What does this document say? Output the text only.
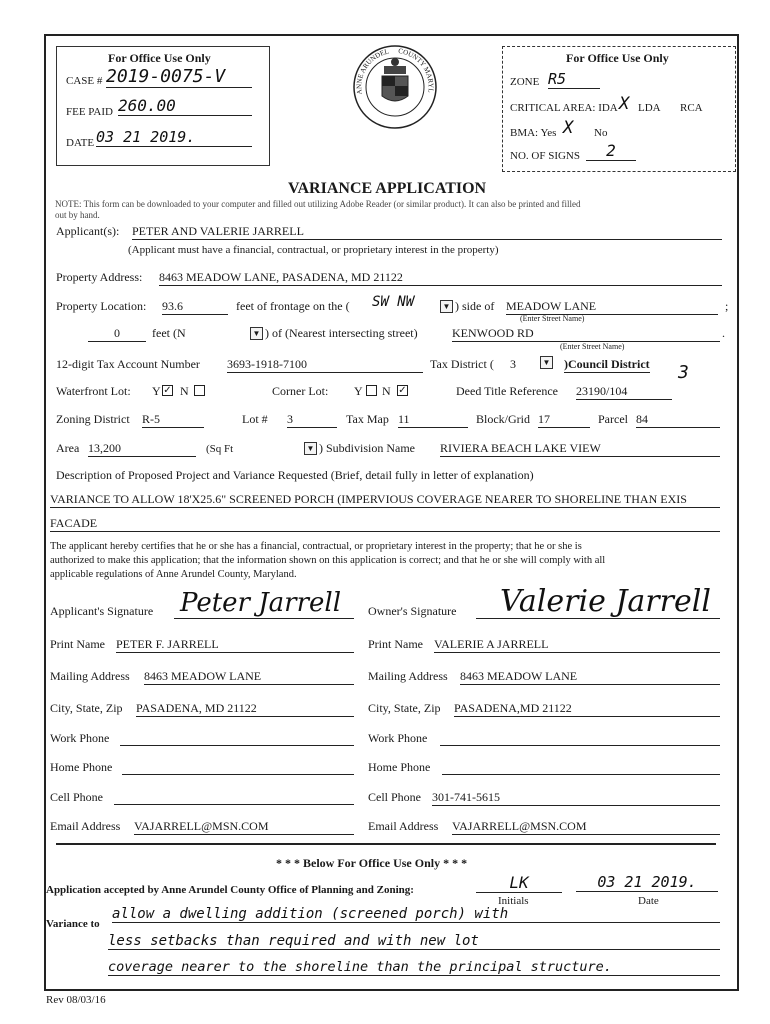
For Office Use Only
CASE # 2019-0075-V
FEE PAID 260.00
DATE 03 21 2019.
ANNE ARUNDEL	COUNTY MARYL
For Office Use Only
ZONE R5
CRITICAL AREA: IDA X LDA RCA
BMA: Yes X No
NO. OF SIGNS	2
VARIANCE APPLICATION
NOTE: This form can be downloaded to your computer and filled out utilizing Adobe Reader (or similar product). It can also be printed and filled
out by hand.
Applicant(s): PETER AND VALERIE JARRELL
(Applicant must have a financial, contractual, or proprietary interest in the property)
Property Address: 8463 MEADOW LANE, PASADENA, MD 21122
Property Location: 93.6	feet of frontage on the ( SW NW	▼ ) side of MEADOW LANE
(Enter Street Name)
;
0	feet (N	▼ ) of (Nearest intersecting street)	KENWOOD RD
(Enter Street Name)
.
12-digit Tax Account Number 3693-1918-7100	Tax District ( 3	▼ )Council District 3
Waterfront Lot: Y ✓ N	Corner Lot: Y N ✓	Deed Title Reference 23190/104
Zoning District R-5	Lot # 3	Tax Map 11	Block/Grid 17	Parcel 84
Area 13,200	(Sq Ft	▼ ) Subdivision Name RIVIERA BEACH LAKE VIEW
Description of Proposed Project and Variance Requested (Brief, detail fully in letter of explanation)
VARIANCE TO ALLOW 18'X25.6" SCREENED PORCH (IMPERVIOUS COVERAGE NEARER TO SHORELINE THAN EXIS
FACADE
The applicant hereby certifies that he or she has a financial, contractual, or proprietary interest in the property; that he or she is
authorized to make this application; that the information shown on this application is correct; and that he or she will comply with all
applicable regulations of Anne Arundel County, Maryland.
Applicant's Signature Peter Jarrell Owner's Signature Valerie Jarrell
Print Name PETER F. JARRELL
Mailing Address 8463 MEADOW LANE
City, State, Zip PASADENA, MD 21122
Work Phone
Home Phone
Cell Phone
Email Address VAJARRELL@MSN.COM
Print Name VALERIE A JARRELL
Mailing Address 8463 MEADOW LANE
City, State, Zip PASADENA,MD 21122
Work Phone
Home Phone
Cell Phone 301-741-5615
Email Address VAJARRELL@MSN.COM
* * * Below For Office Use Only * * *
Application accepted by Anne Arundel County Office of Planning and Zoning:	LK
Initials
03 21 2019.
Date
Variance to
allow a dwelling addition (screened porch) with
less setbacks than required and with new lot
coverage nearer to the shoreline than the principal structure.
Rev 08/03/16
